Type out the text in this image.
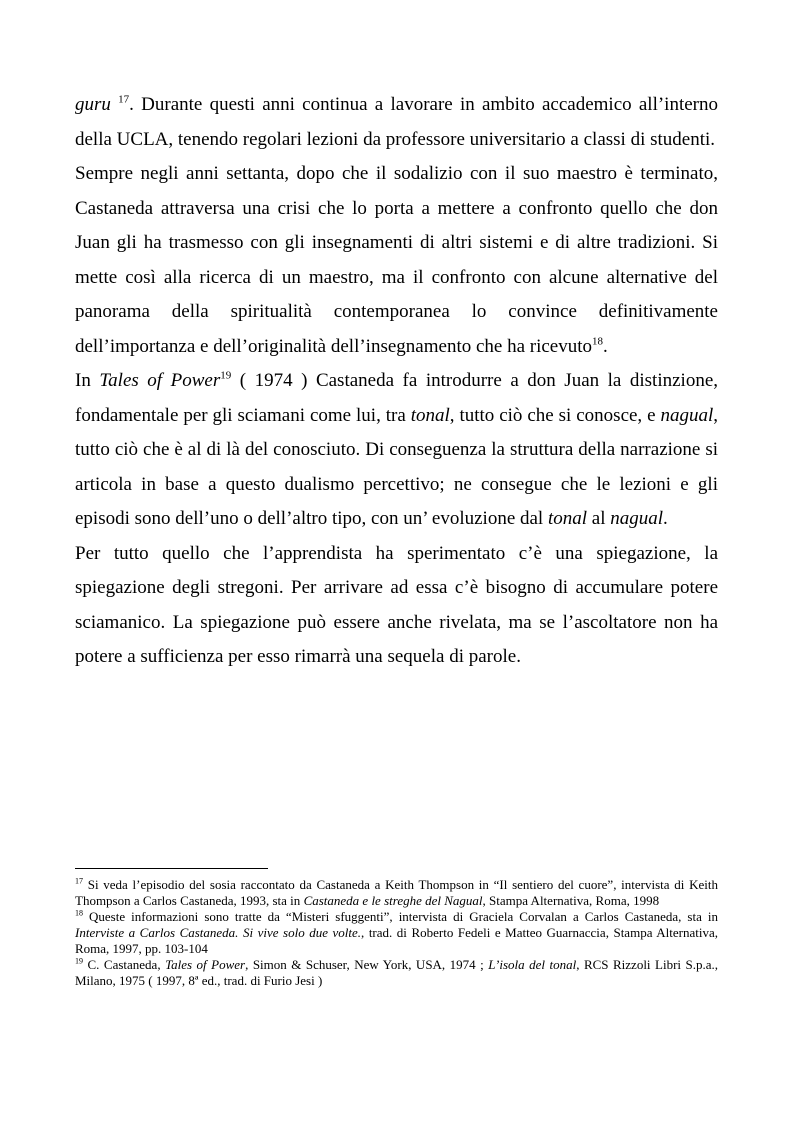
guru $^{17}$. Durante questi anni continua a lavorare in ambito accademico all’interno della UCLA, tenendo regolari lezioni da professore universitario a classi di studenti.

Sempre negli anni settanta, dopo che il sodalizio con il suo maestro è terminato, Castaneda attraversa una crisi che lo porta a mettere a confronto quello che don Juan gli ha trasmesso con gli insegnamenti di altri sistemi e di altre tradizioni. Si mette così alla ricerca di un maestro, ma il confronto con alcune alternative del panorama della spiritualità contemporanea lo convince definitivamente dell’importanza e dell’originalità dell’insegnamento che ha ricevuto$^{18}$.

In Tales of Power$^{19}$ ( 1974 ) Castaneda fa introdurre a don Juan la distinzione, fondamentale per gli sciamani come lui, tra tonal, tutto ciò che si conosce, e nagual, tutto ciò che è al di là del conosciuto. Di conseguenza la struttura della narrazione si articola in base a questo dualismo percettivo; ne consegue che le lezioni e gli episodi sono dell’uno o dell’altro tipo, con un’ evoluzione dal tonal al nagual.

Per tutto quello che l’apprendista ha sperimentato c’è una spiegazione, la spiegazione degli stregoni. Per arrivare ad essa c’è bisogno di accumulare potere sciamanico. La spiegazione può essere anche rivelata, ma se l’ascoltatore non ha potere a sufficienza per esso rimarrà una sequela di parole.

$^{17}$ Si veda l’episodio del sosia raccontato da Castaneda a Keith Thompson in “Il sentiero del cuore”, intervista di Keith Thompson a Carlos Castaneda, 1993, sta in Castaneda e le streghe del Nagual, Stampa Alternativa, Roma, 1998

$^{18}$ Queste informazioni sono tratte da “Misteri sfuggenti”, intervista di Graciela Corvalan a Carlos Castaneda, sta in Interviste a Carlos Castaneda. Si vive solo due volte., trad. di Roberto Fedeli e Matteo Guarnaccia, Stampa Alternativa, Roma, 1997, pp. 103-104

$^{19}$ C. Castaneda, Tales of Power, Simon & Schuser, New York, USA, 1974 ; L’isola del tonal, RCS Rizzoli Libri S.p.a., Milano, 1975 ( 1997, 8ª ed., trad. di Furio Jesi )
